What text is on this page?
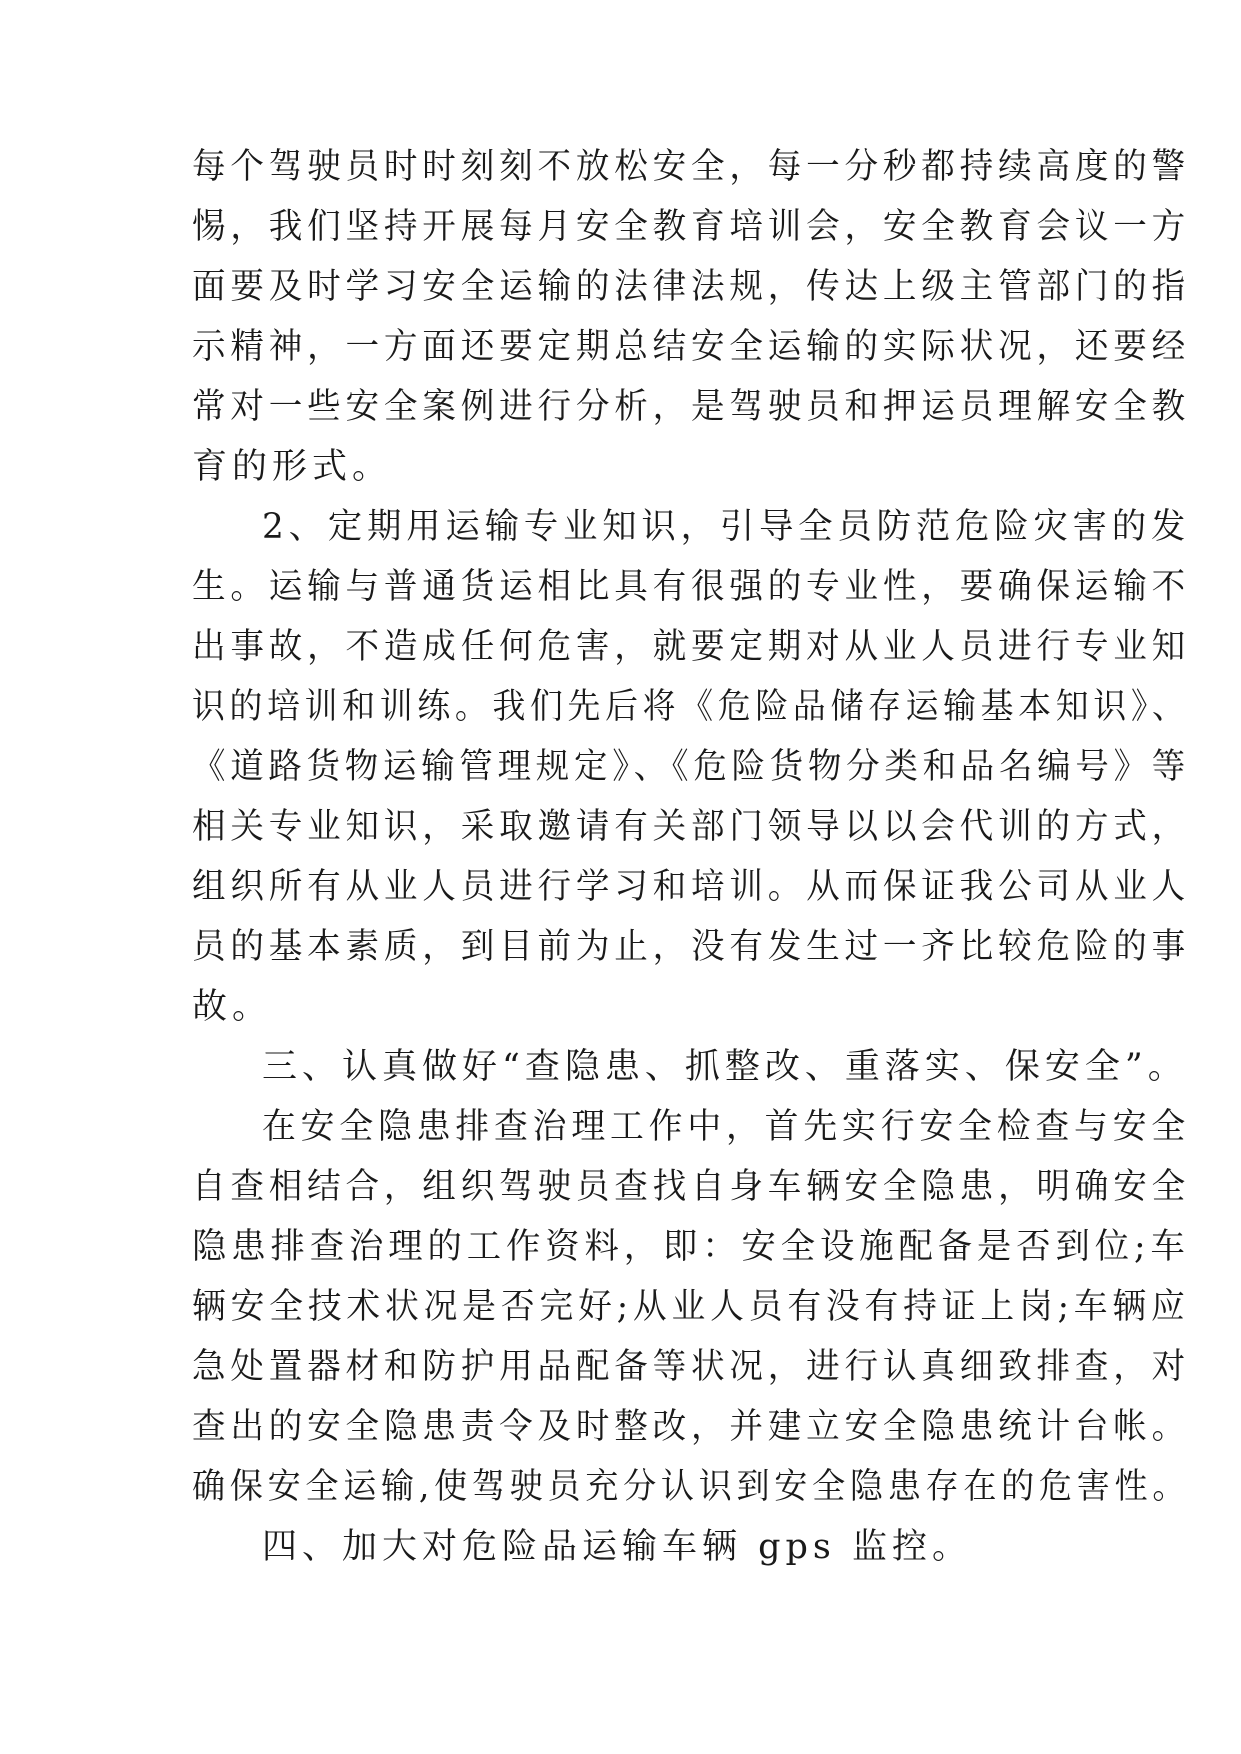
每个驾驶员时时刻刻不放松安全，每一分秒都持续高度的警
惕，我们坚持开展每月安全教育培训会，安全教育会议一方
面要及时学习安全运输的法律法规，传达上级主管部门的指
示精神，一方面还要定期总结安全运输的实际状况，还要经
常对一些安全案例进行分析，是驾驶员和押运员理解安全教
育的形式。
2、定期用运输专业知识，引导全员防范危险灾害的发
生。运输与普通货运相比具有很强的专业性，要确保运输不
出事故，不造成任何危害，就要定期对从业人员进行专业知
识的培训和训练。我们先后将《危险品储存运输基本知识》、
《道路货物运输管理规定》、《危险货物分类和品名编号》等
相关专业知识，采取邀请有关部门领导以以会代训的方式，
组织所有从业人员进行学习和培训。从而保证我公司从业人
员的基本素质，到目前为止，没有发生过一齐比较危险的事
故。
三、认真做好“查隐患、抓整改、重落实、保安全”。
在安全隐患排查治理工作中，首先实行安全检查与安全
自查相结合，组织驾驶员查找自身车辆安全隐患，明确安全
隐患排查治理的工作资料，即：安全设施配备是否到位;车
辆安全技术状况是否完好;从业人员有没有持证上岗;车辆应
急处置器材和防护用品配备等状况，进行认真细致排查，对
查出的安全隐患责令及时整改，并建立安全隐患统计台帐。
确保安全运输,使驾驶员充分认识到安全隐患存在的危害性。
四、加大对危险品运输车辆 gps 监控。
